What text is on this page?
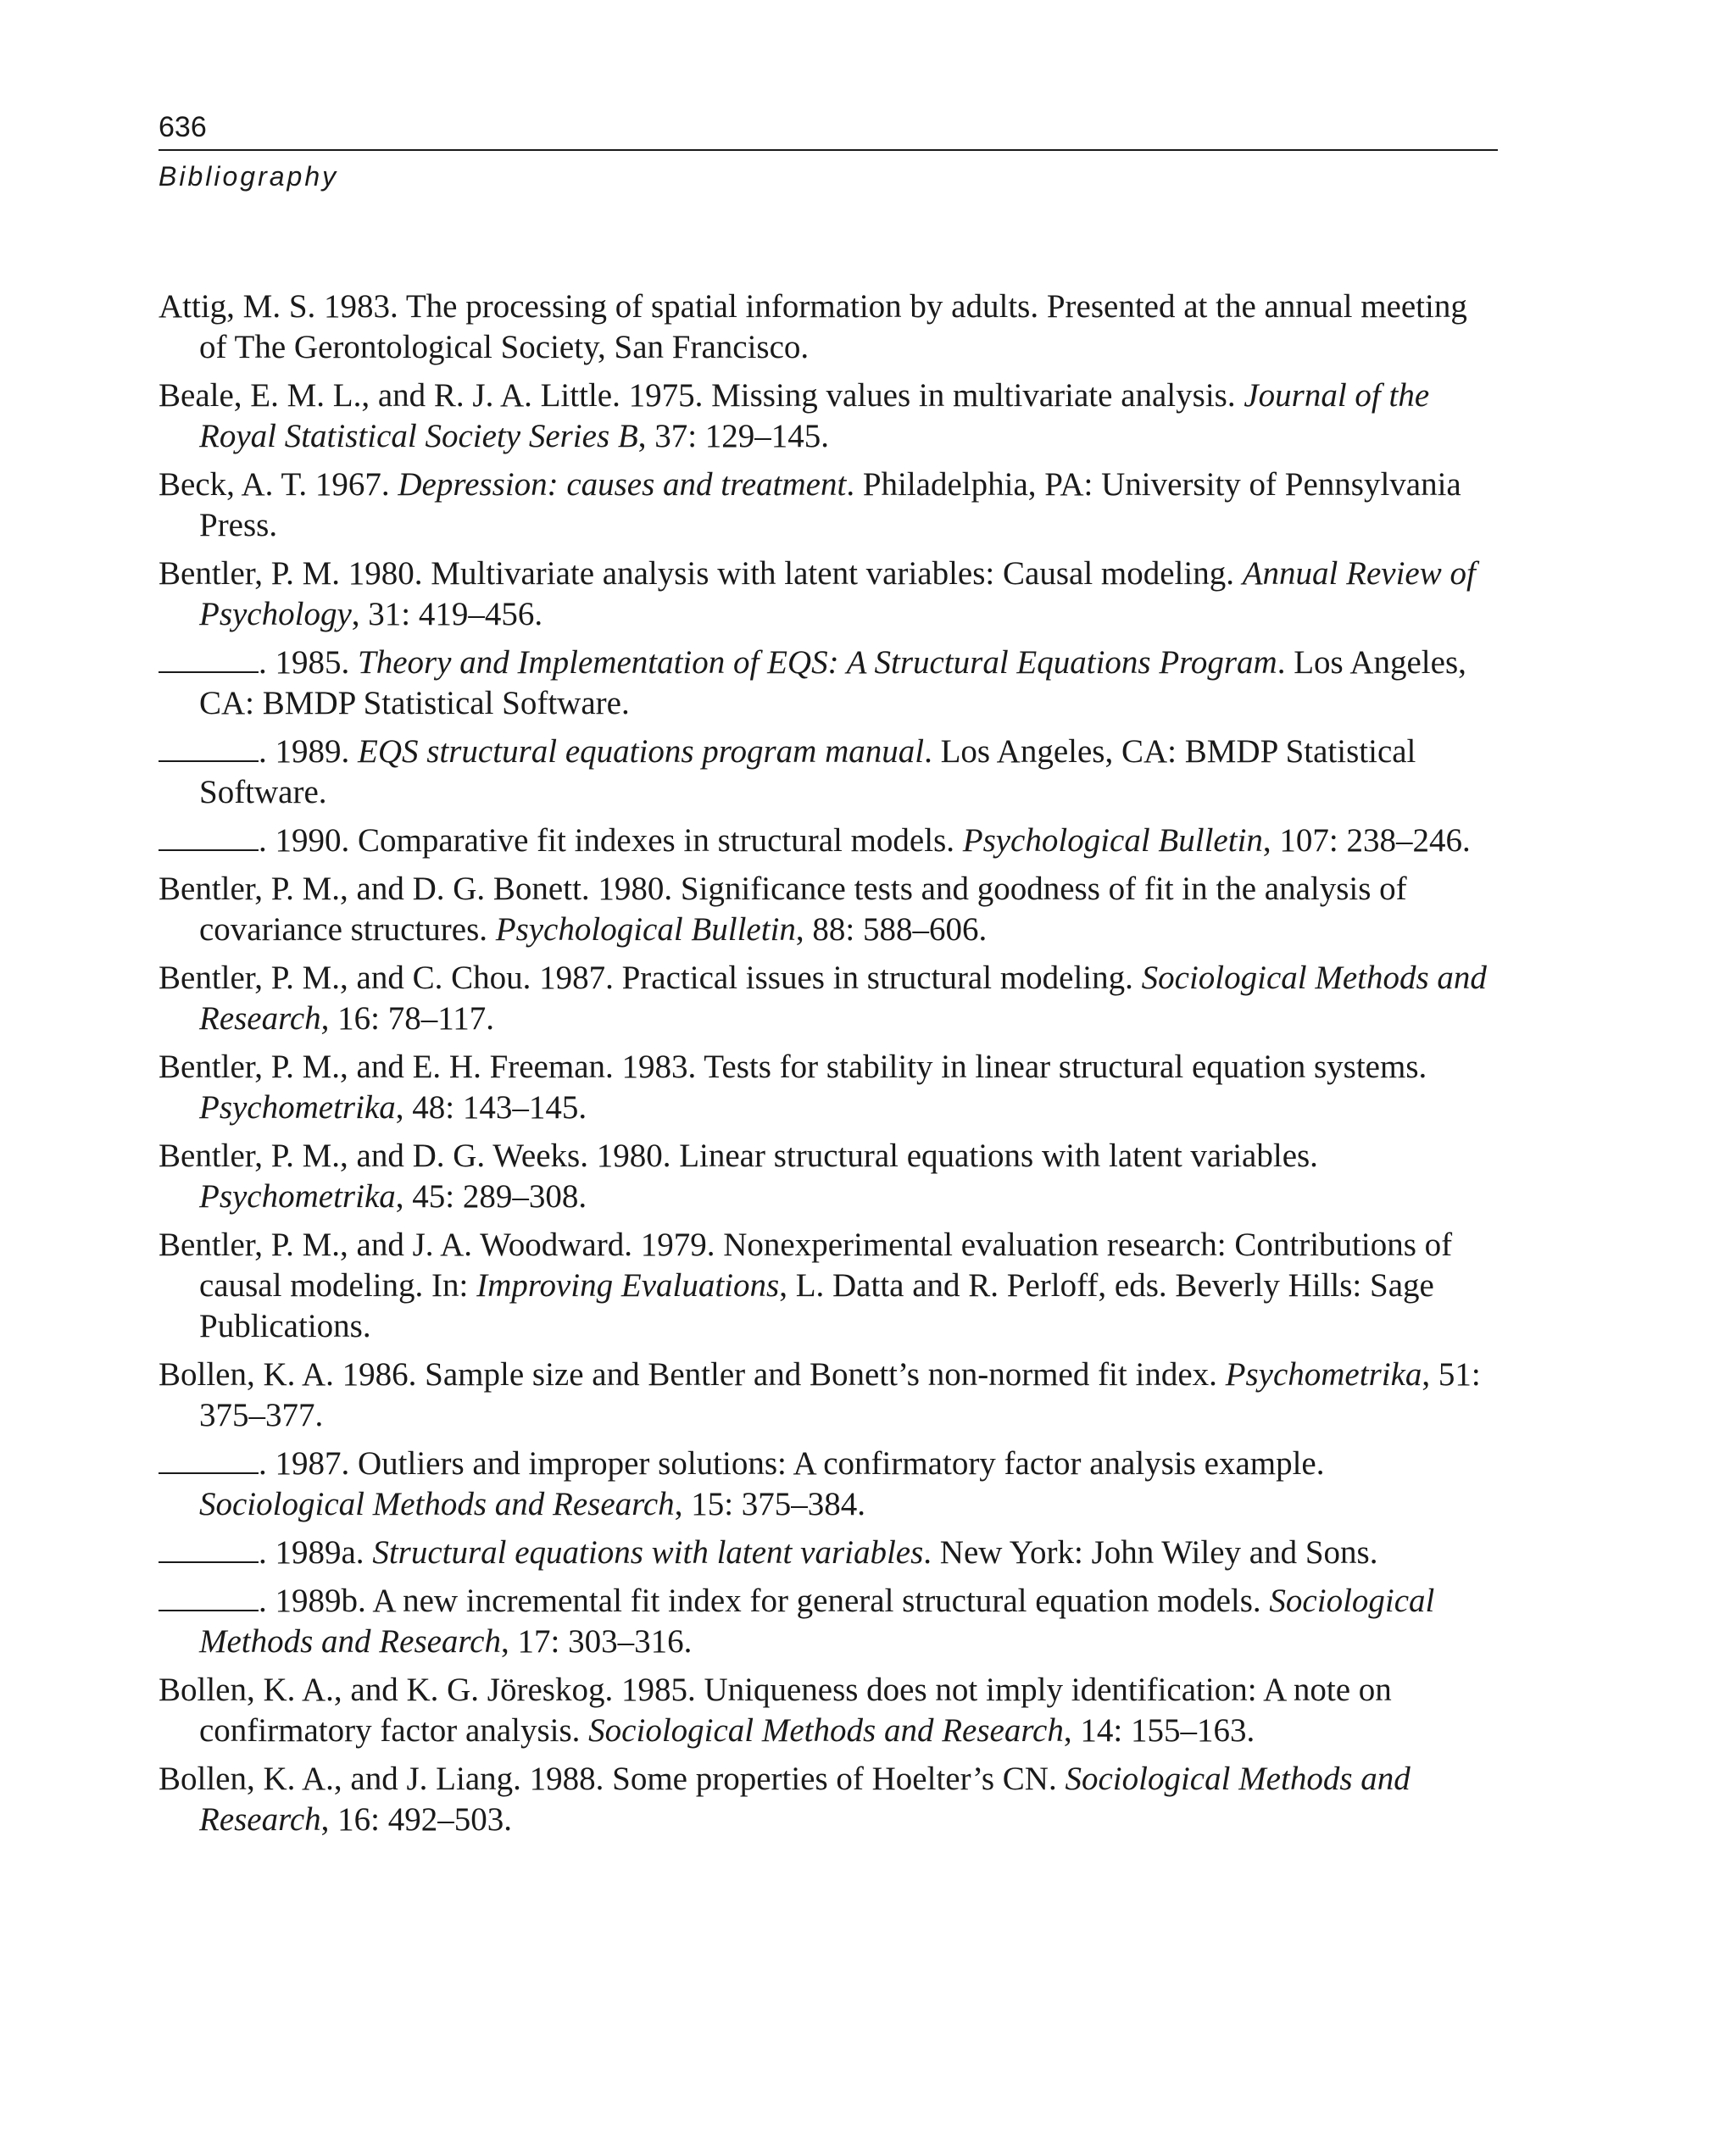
636
Bibliography
Attig, M. S. 1983. The processing of spatial information by adults. Presented at the annual meeting of The Gerontological Society, San Francisco.
Beale, E. M. L., and R. J. A. Little. 1975. Missing values in multivariate analysis. Journal of the Royal Statistical Society Series B, 37: 129–145.
Beck, A. T. 1967. Depression: causes and treatment. Philadelphia, PA: University of Pennsylvania Press.
Bentler, P. M. 1980. Multivariate analysis with latent variables: Causal modeling. Annual Review of Psychology, 31: 419–456.
. 1985. Theory and Implementation of EQS: A Structural Equations Program. Los Angeles, CA: BMDP Statistical Software.
. 1989. EQS structural equations program manual. Los Angeles, CA: BMDP Statistical Software.
. 1990. Comparative fit indexes in structural models. Psychological Bulletin, 107: 238–246.
Bentler, P. M., and D. G. Bonett. 1980. Significance tests and goodness of fit in the analysis of covariance structures. Psychological Bulletin, 88: 588–606.
Bentler, P. M., and C. Chou. 1987. Practical issues in structural modeling. Sociological Methods and Research, 16: 78–117.
Bentler, P. M., and E. H. Freeman. 1983. Tests for stability in linear structural equation systems. Psychometrika, 48: 143–145.
Bentler, P. M., and D. G. Weeks. 1980. Linear structural equations with latent variables. Psychometrika, 45: 289–308.
Bentler, P. M., and J. A. Woodward. 1979. Nonexperimental evaluation research: Contributions of causal modeling. In: Improving Evaluations, L. Datta and R. Perloff, eds. Beverly Hills: Sage Publications.
Bollen, K. A. 1986. Sample size and Bentler and Bonett’s non-normed fit index. Psychometrika, 51: 375–377.
. 1987. Outliers and improper solutions: A confirmatory factor analysis example. Sociological Methods and Research, 15: 375–384.
. 1989a. Structural equations with latent variables. New York: John Wiley and Sons.
. 1989b. A new incremental fit index for general structural equation models. Sociological Methods and Research, 17: 303–316.
Bollen, K. A., and K. G. Jöreskog. 1985. Uniqueness does not imply identification: A note on confirmatory factor analysis. Sociological Methods and Research, 14: 155–163.
Bollen, K. A., and J. Liang. 1988. Some properties of Hoelter’s CN. Sociological Methods and Research, 16: 492–503.
